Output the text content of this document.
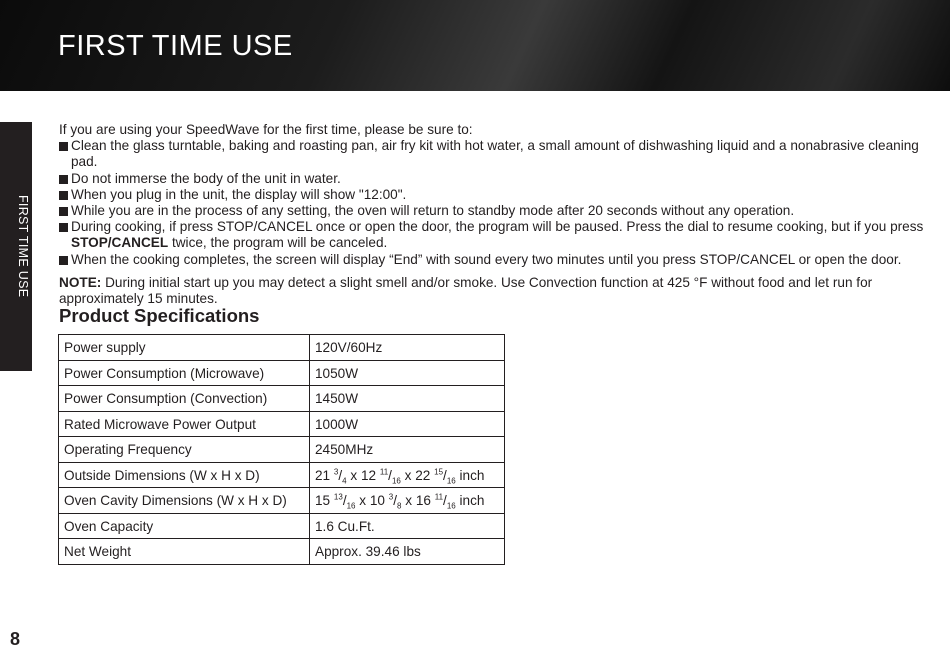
FIRST TIME USE
FIRST TIME USE

If you are using your SpeedWave for the first time, please be sure to:

Clean the glass turntable, baking and roasting pan, air fry kit with hot water, a small amount of dishwashing liquid and a nonabrasive cleaning pad.
Do not immerse the body of the unit in water.
When you plug in the unit, the display will show "12:00".
While you are in the process of any setting, the oven will return to standby mode after 20 seconds without any operation.
During cooking, if press STOP/CANCEL once or open the door, the program will be paused. Press the dial to resume cooking, but if you press STOP/CANCEL twice, the program will be canceled.
When the cooking completes, the screen will display “End” with sound every two minutes until you press STOP/CANCEL or open the door.

NOTE: During initial start up you may detect a slight smell and/or smoke. Use Convection function at 425 °F without food and let run for approximately 15 minutes.

Product Specifications
Power supply	120V/60Hz
Power Consumption (Microwave)	1050W
Power Consumption (Convection)	1450W
Rated Microwave Power Output	1000W
Operating Frequency	2450MHz
Outside Dimensions (W x H x D)	21 $^3/_4$ x 12 $^{11}/_{16}$ x 22 $^{15}/_{16}$ inch
Oven Cavity Dimensions (W x H x D)	15 $^{13}/_{16}$ x 10 $^3/_8$ x 16 $^{11}/_{16}$ inch
Oven Capacity	1.6 Cu.Ft.
Net Weight	Approx. 39.46 lbs
8
